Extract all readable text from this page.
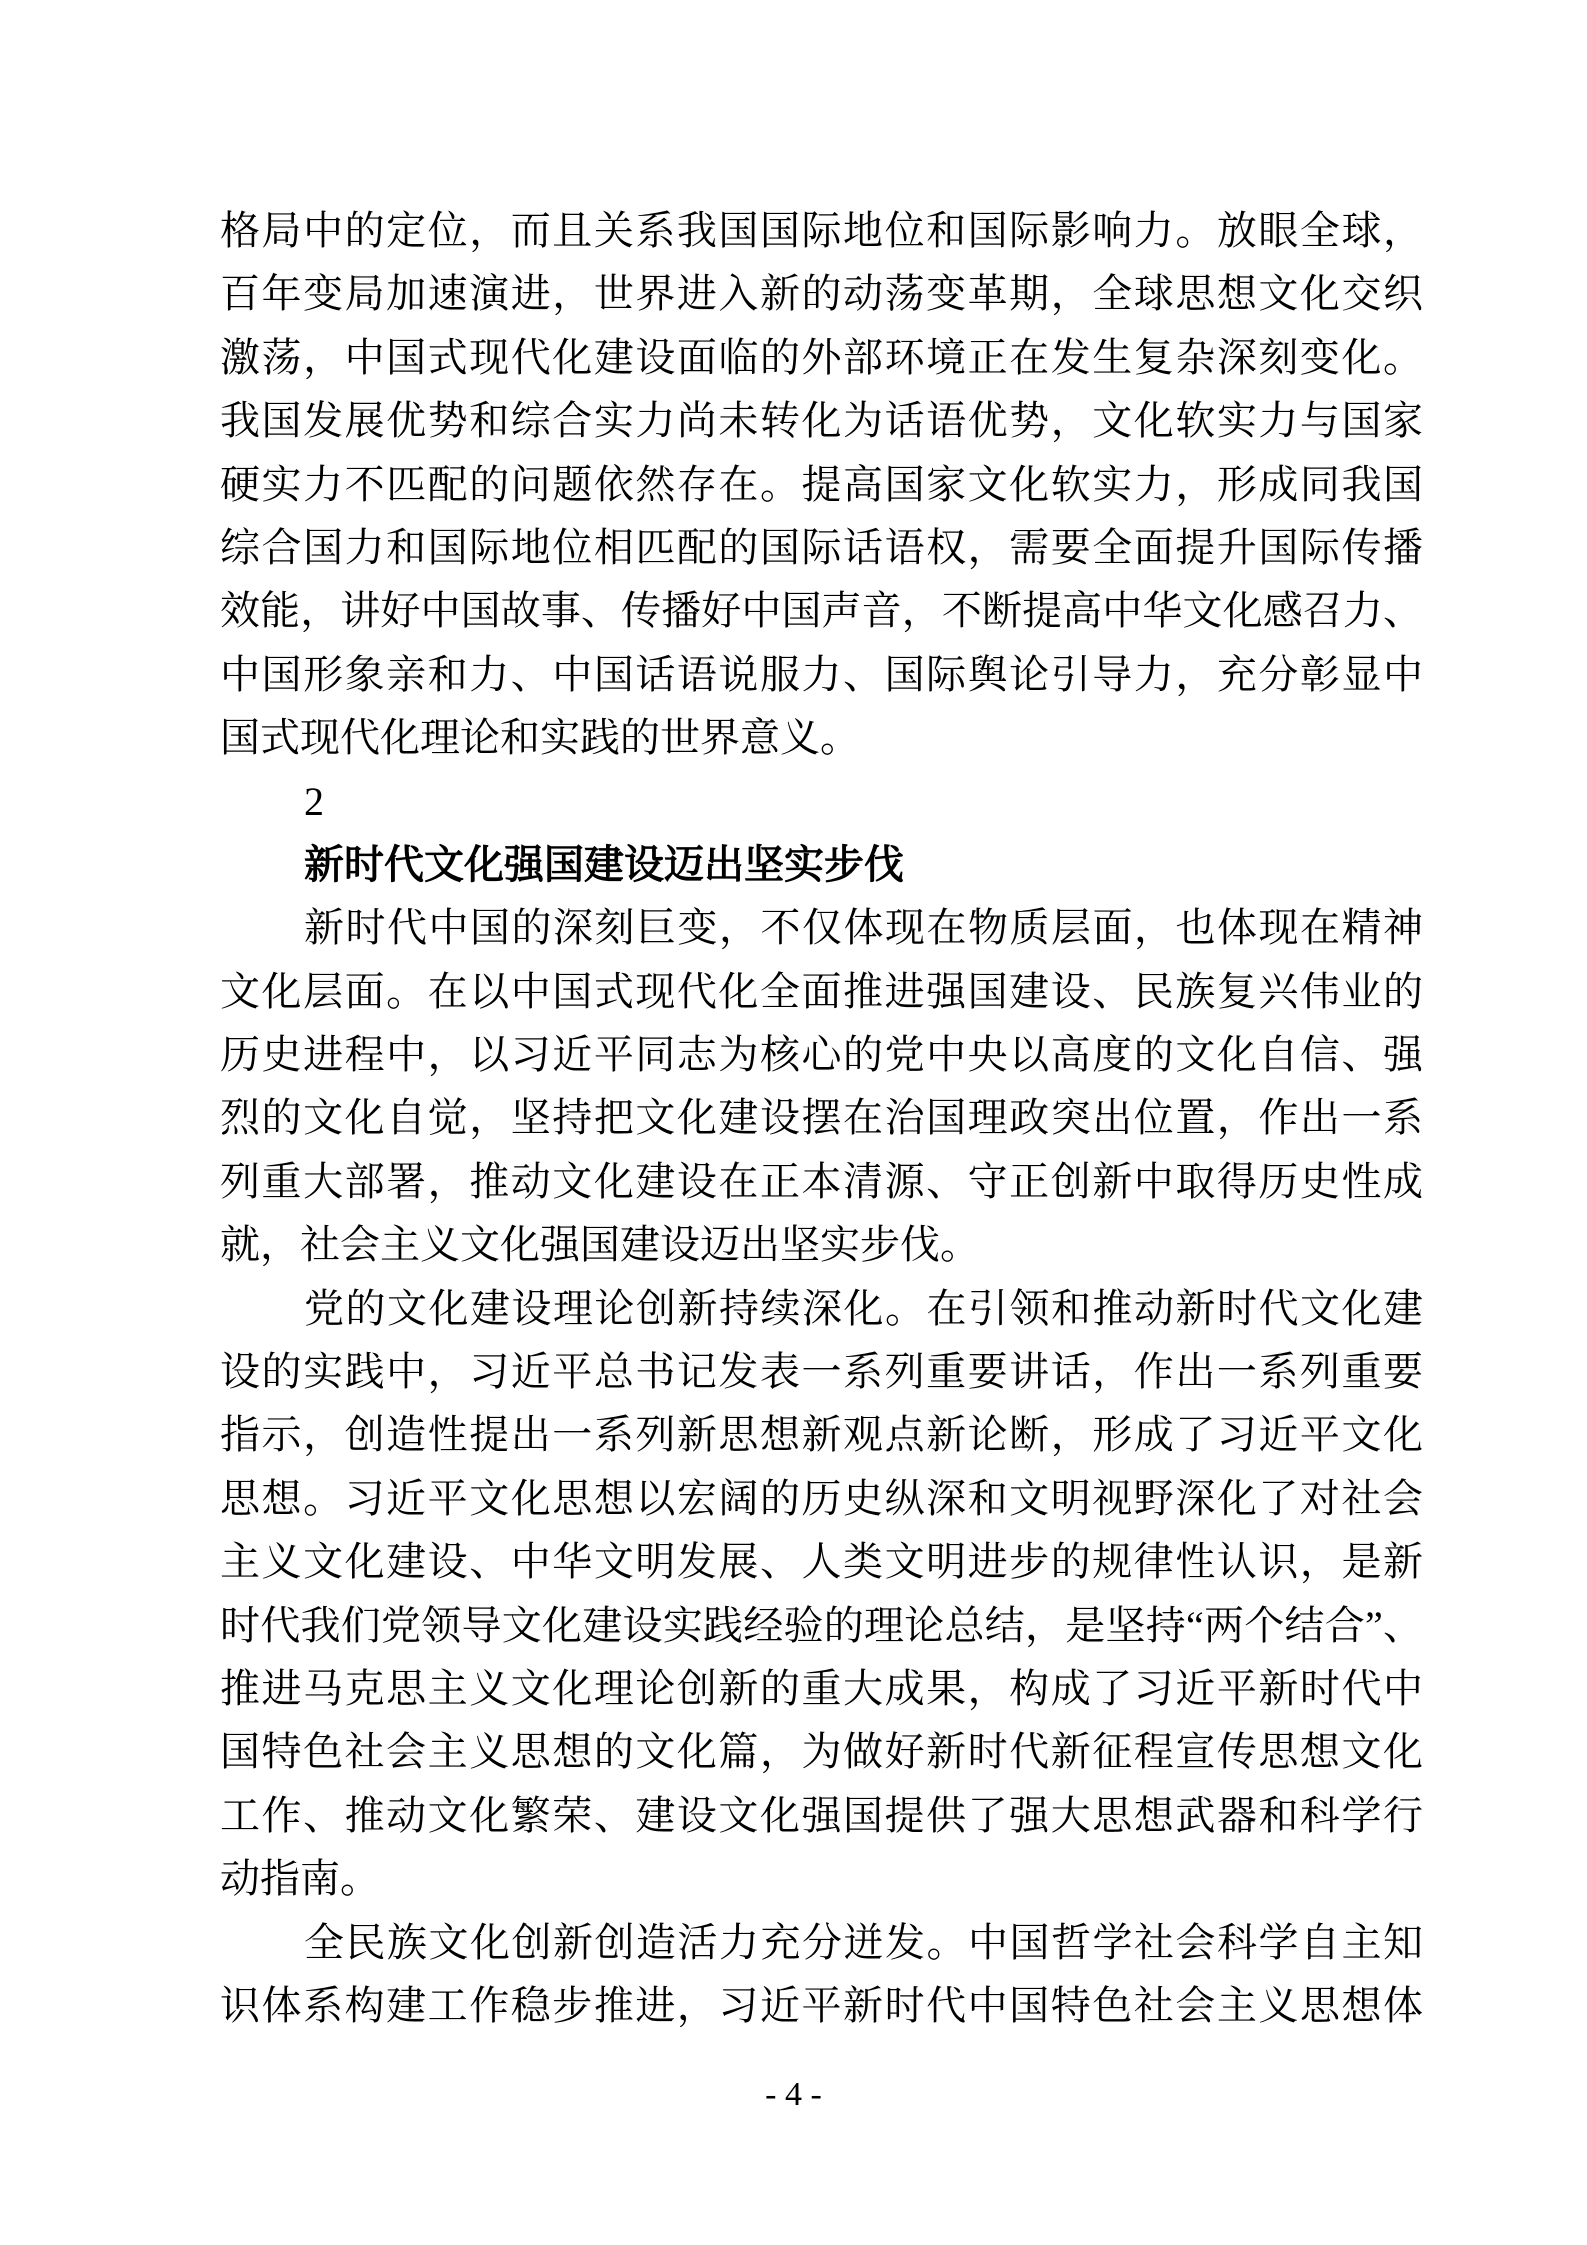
格局中的定位，而且关系我国国际地位和国际影响力。放眼全球，
百年变局加速演进，世界进入新的动荡变革期，全球思想文化交织
激荡，中国式现代化建设面临的外部环境正在发生复杂深刻变化。
我国发展优势和综合实力尚未转化为话语优势，文化软实力与国家
硬实力不匹配的问题依然存在。提高国家文化软实力，形成同我国
综合国力和国际地位相匹配的国际话语权，需要全面提升国际传播
效能，讲好中国故事、传播好中国声音，不断提高中华文化感召力、
中国形象亲和力、中国话语说服力、国际舆论引导力，充分彰显中
国式现代化理论和实践的世界意义。
2
新时代文化强国建设迈出坚实步伐
新时代中国的深刻巨变，不仅体现在物质层面，也体现在精神
文化层面。在以中国式现代化全面推进强国建设、民族复兴伟业的
历史进程中，以习近平同志为核心的党中央以高度的文化自信、强
烈的文化自觉，坚持把文化建设摆在治国理政突出位置，作出一系
列重大部署，推动文化建设在正本清源、守正创新中取得历史性成
就，社会主义文化强国建设迈出坚实步伐。
党的文化建设理论创新持续深化。在引领和推动新时代文化建
设的实践中，习近平总书记发表一系列重要讲话，作出一系列重要
指示，创造性提出一系列新思想新观点新论断，形成了习近平文化
思想。习近平文化思想以宏阔的历史纵深和文明视野深化了对社会
主义文化建设、中华文明发展、人类文明进步的规律性认识，是新
时代我们党领导文化建设实践经验的理论总结，是坚持“两个结合”、
推进马克思主义文化理论创新的重大成果，构成了习近平新时代中
国特色社会主义思想的文化篇，为做好新时代新征程宣传思想文化
工作、推动文化繁荣、建设文化强国提供了强大思想武器和科学行
动指南。
全民族文化创新创造活力充分迸发。中国哲学社会科学自主知
识体系构建工作稳步推进，习近平新时代中国特色社会主义思想体
- 4 -
